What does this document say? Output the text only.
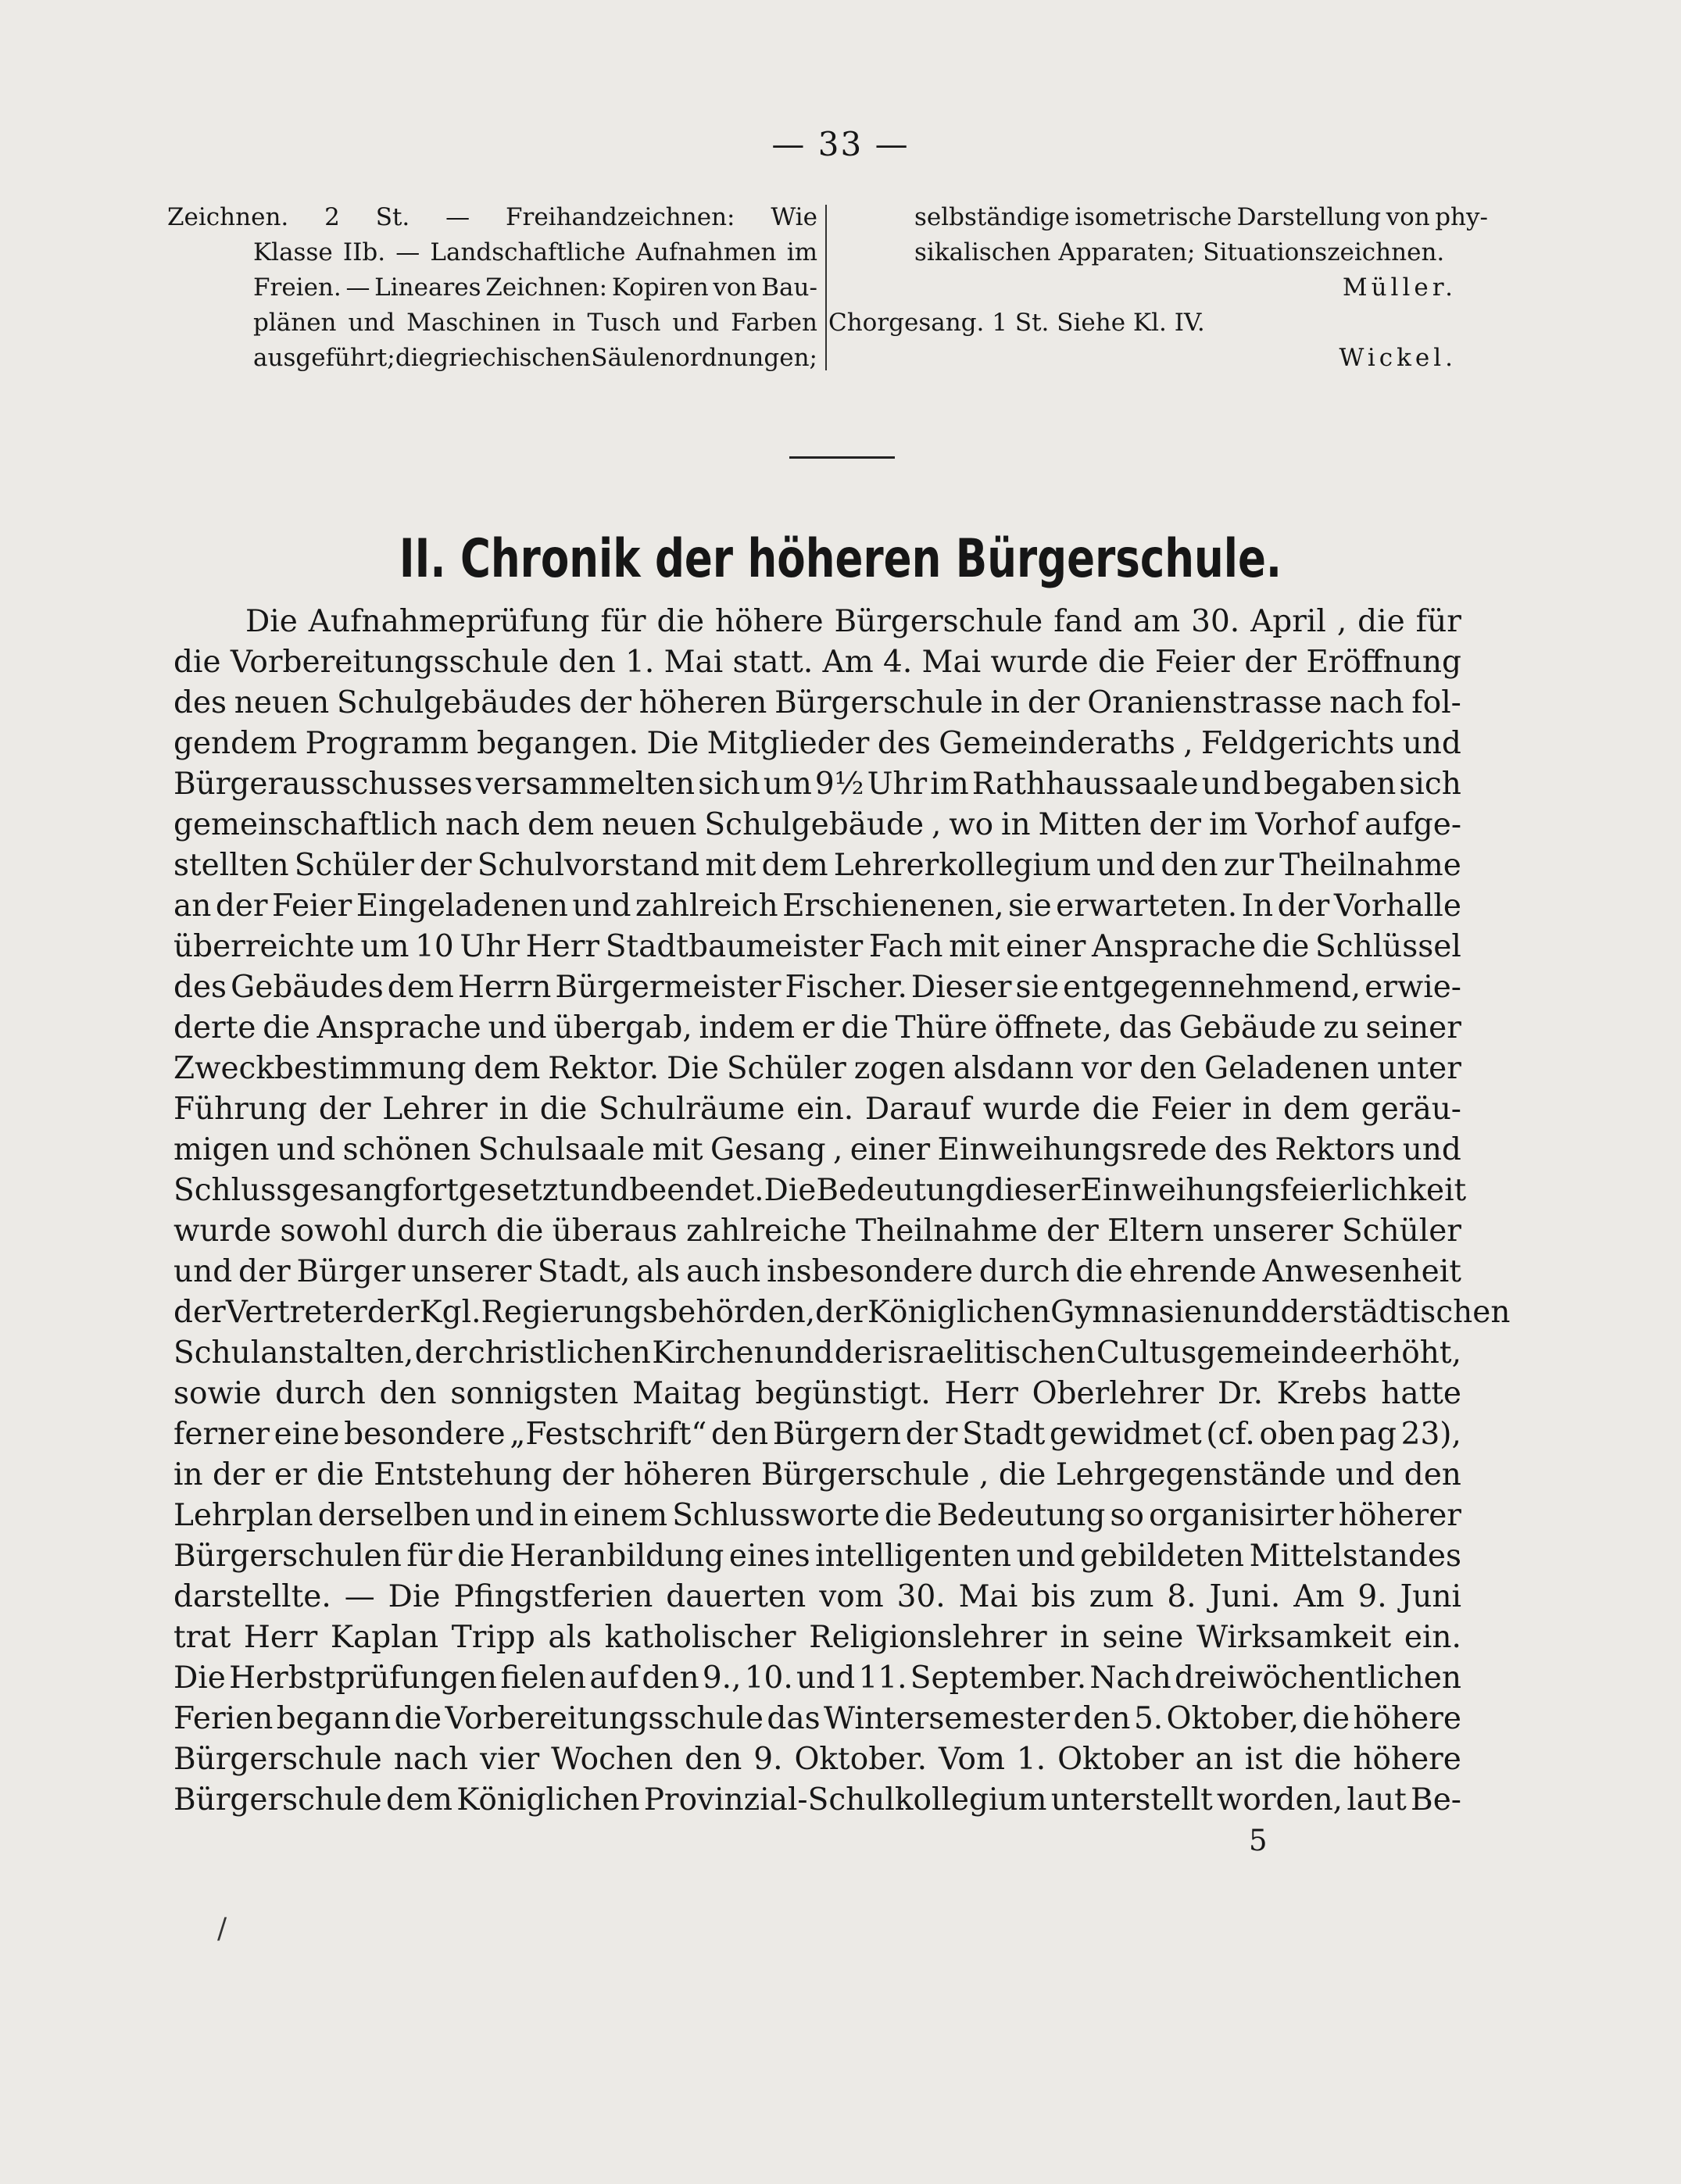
— 33 —
Zeichnen. 2 St. — Freihandzeichnen: Wie
Klasse IIb. — Landschaftliche Aufnahmen im
Freien. — Lineares Zeichnen: Kopiren von Bau-
plänen und Maschinen in Tusch und Farben
ausgeführt; die griechischen Säulenordnungen;
selbständige isometrische Darstellung von phy-
sikalischen Apparaten; Situationszeichnen.
Müller.
Chorgesang. 1 St. Siehe Kl. IV.
Wickel.
II. Chronik der höheren Bürgerschule.
Die Aufnahmeprüfung für die höhere Bürgerschule fand am 30. April , die für
die Vorbereitungsschule den 1. Mai statt. Am 4. Mai wurde die Feier der Eröffnung
des neuen Schulgebäudes der höheren Bürgerschule in der Oranienstrasse nach fol-
gendem Programm begangen. Die Mitglieder des Gemeinderaths , Feldgerichts und
Bürgerausschusses versammelten sich um 9½ Uhr im Rathhaussaale und begaben sich
gemeinschaftlich nach dem neuen Schulgebäude , wo in Mitten der im Vorhof aufge-
stellten Schüler der Schulvorstand mit dem Lehrerkollegium und den zur Theilnahme
an der Feier Eingeladenen und zahlreich Erschienenen, sie erwarteten. In der Vorhalle
überreichte um 10 Uhr Herr Stadtbaumeister Fach mit einer Ansprache die Schlüssel
des Gebäudes dem Herrn Bürgermeister Fischer. Dieser sie entgegennehmend, erwie-
derte die Ansprache und übergab, indem er die Thüre öffnete, das Gebäude zu seiner
Zweckbestimmung dem Rektor. Die Schüler zogen alsdann vor den Geladenen unter
Führung der Lehrer in die Schulräume ein. Darauf wurde die Feier in dem geräu-
migen und schönen Schulsaale mit Gesang , einer Einweihungsrede des Rektors und
Schlussgesang fortgesetzt und beendet. Die Bedeutung dieser Einweihungsfeierlichkeit
wurde sowohl durch die überaus zahlreiche Theilnahme der Eltern unserer Schüler
und der Bürger unserer Stadt, als auch insbesondere durch die ehrende Anwesenheit
der Vertreter der Kgl. Regierungsbehörden, der Königlichen Gymnasien und der städtischen
Schulanstalten, der christlichen Kirchen und der israelitischen Cultusgemeinde erhöht,
sowie durch den sonnigsten Maitag begünstigt. Herr Oberlehrer Dr. Krebs hatte
ferner eine besondere „Festschrift“ den Bürgern der Stadt gewidmet (cf. oben pag 23),
in der er die Entstehung der höheren Bürgerschule , die Lehrgegenstände und den
Lehrplan derselben und in einem Schlussworte die Bedeutung so organisirter höherer
Bürgerschulen für die Heranbildung eines intelligenten und gebildeten Mittelstandes
darstellte. — Die Pfingstferien dauerten vom 30. Mai bis zum 8. Juni. Am 9. Juni
trat Herr Kaplan Tripp als katholischer Religionslehrer in seine Wirksamkeit ein.
Die Herbstprüfungen fielen auf den 9., 10. und 11. September. Nach dreiwöchentlichen
Ferien begann die Vorbereitungsschule das Wintersemester den 5. Oktober, die höhere
Bürgerschule nach vier Wochen den 9. Oktober. Vom 1. Oktober an ist die höhere
Bürgerschule dem Königlichen Provinzial-Schulkollegium unterstellt worden, laut Be-
5
/
